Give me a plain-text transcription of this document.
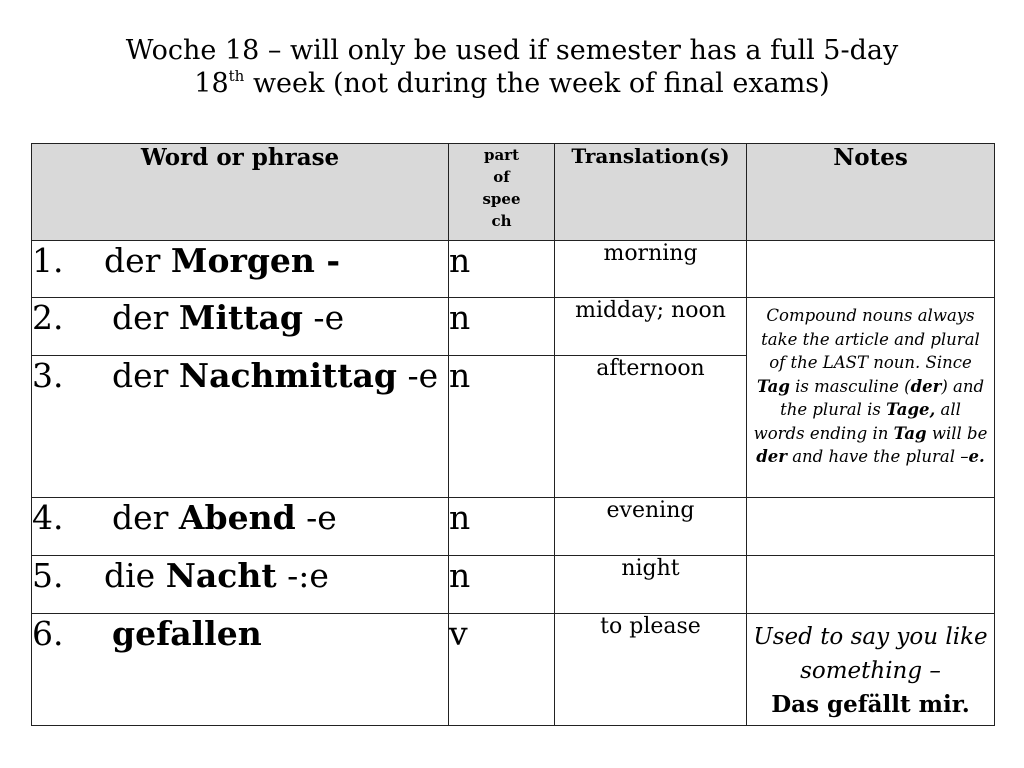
Woche 18 – will only be used if semester has a full 5-day
18th week (not during the week of final exams)
Word or phrase	part
of
spee
ch	Translation(s)	Notes
1. der Morgen -	n	morning	
2. der Mittag -e	n	midday; noon	Compound nouns always take the article and plural of the LAST noun. Since Tag is masculine (der) and the plural is Tage, all words ending in Tag will be der and have the plural –e.
3. der Nachmittag -e	n	afternoon	
4. der Abend -e	n	evening	
5. die Nacht -:e	n	night	
6. gefallen	v	to please	Used to say you like something –
Das gefällt mir.
